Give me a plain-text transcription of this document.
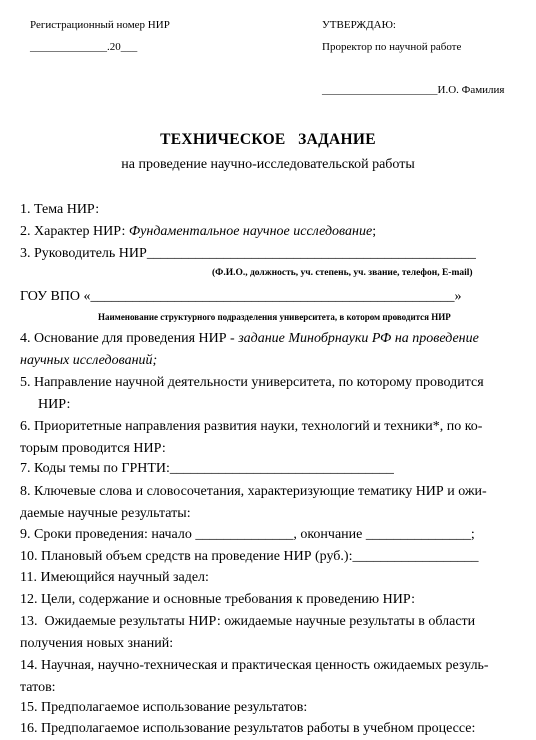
Регистрационный номер НИР
______________.20___
УТВЕРЖДАЮ:
Проректор по научной работе
_____________________И.О. Фамилия
ТЕХНИЧЕСКОЕ   ЗАДАНИЕ
на проведение научно-исследовательской работы
1. Тема НИР:
2. Характер НИР: Фундаментальное научное исследование;
3. Руководитель НИР_______________________________________________
(Ф.И.О., должность, уч. степень, уч. звание, телефон, E-mail)
ГОУ ВПО «____________________________________________________»
Наименование структурного подразделения университета, в котором проводится НИР
4. Основание для проведения НИР - задание Минобрнауки РФ на проведение научных исследований;
5. Направление научной деятельности университета, по которому проводится
НИР:
6. Приоритетные направления развития науки, технологий и техники*, по ко-
торым проводится НИР:
7. Коды темы по ГРНТИ:________________________________
8. Ключевые слова и словосочетания, характеризующие тематику НИР и ожи-
даемые научные результаты:
9. Сроки проведения: начало ______________, окончание _______________;
10. Плановый объем средств на проведение НИР (руб.):__________________
11. Имеющийся научный задел:
12. Цели, содержание и основные требования к проведению НИР:
13.  Ожидаемые результаты НИР: ожидаемые научные результаты в области
получения новых знаний:
14. Научная, научно-техническая и практическая ценность ожидаемых резуль-
татов:
15. Предполагаемое использование результатов:
16. Предполагаемое использование результатов работы в учебном процессе:
